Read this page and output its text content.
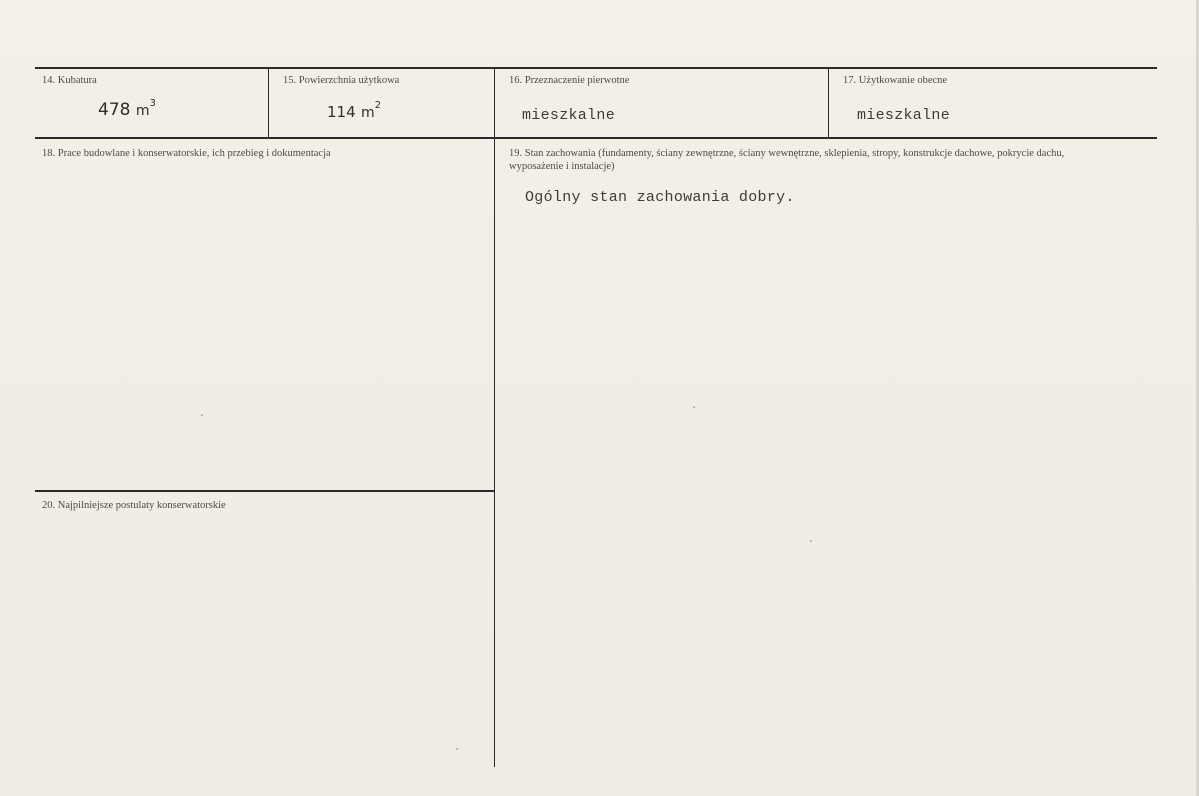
14. Kubatura
478 $m^3$
15. Powierzchnia użytkowa
114 $m^2$
16. Przeznaczenie pierwotne
mieszkalne
17. Użytkowanie obecne
mieszkalne
18. Prace budowlane i konserwatorskie, ich przebieg i dokumentacja	19. Stan zachowania (fundamenty, ściany zewnętrzne, ściany wewnętrzne, sklepienia, stropy, konstrukcje dachowe, pokrycie dachu, wyposażenie i instalacje)
Ogólny stan zachowania dobry.
20. Najpilniejsze postulaty konserwatorskie
